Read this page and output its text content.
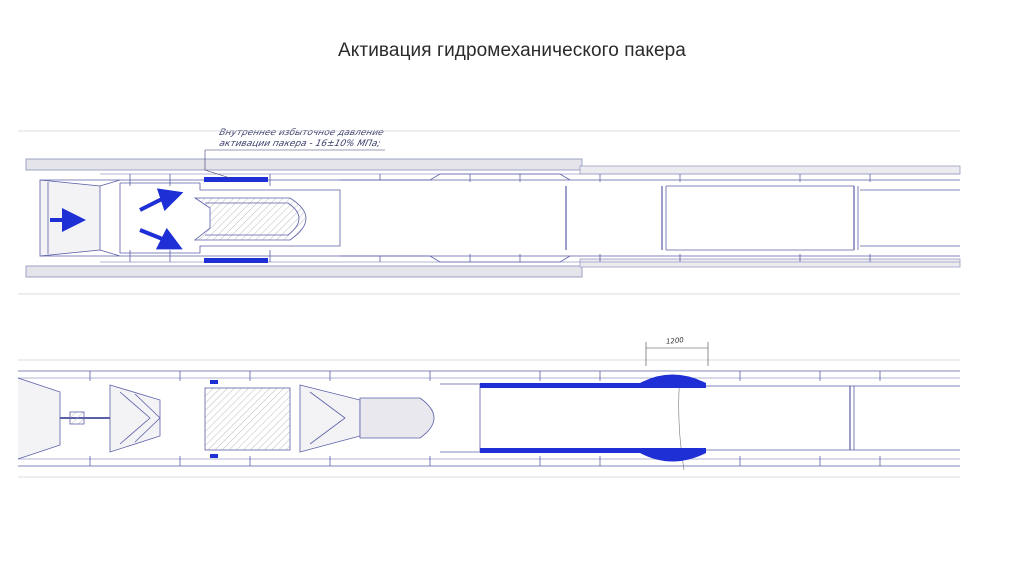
Активация гидромеханического пакера
Внутреннее избыточное давление
активации пакера - 16±10% МПа;
1200
